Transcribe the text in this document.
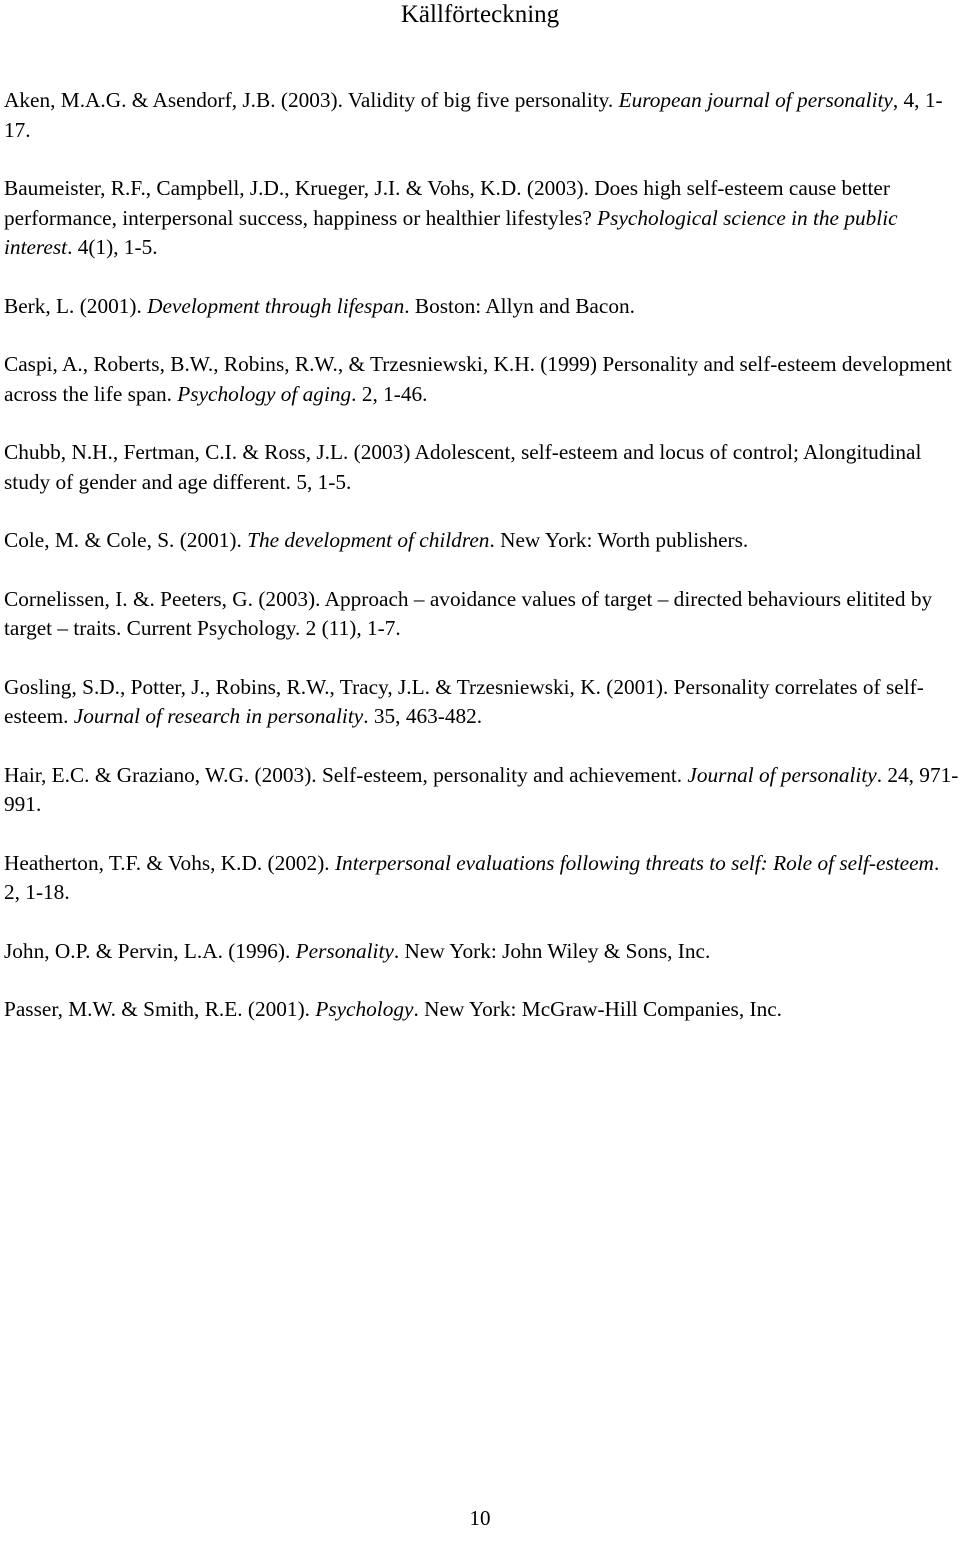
Källförteckning

Aken, M.A.G. & Asendorf, J.B. (2003). Validity of big five personality. European journal of personality, 4, 1-17.

Baumeister, R.F., Campbell, J.D., Krueger, J.I. & Vohs, K.D. (2003). Does high self-esteem cause better performance, interpersonal success, happiness or healthier lifestyles? Psychological science in the public interest. 4(1), 1-5.

Berk, L. (2001). Development through lifespan. Boston: Allyn and Bacon.

Caspi, A., Roberts, B.W., Robins, R.W., & Trzesniewski, K.H. (1999) Personality and self-esteem development across the life span. Psychology of aging. 2, 1-46.

Chubb, N.H., Fertman, C.I. & Ross, J.L. (2003) Adolescent, self-esteem and locus of control; Alongitudinal study of gender and age different. 5, 1-5.

Cole, M. & Cole, S. (2001). The development of children. New York: Worth publishers.

Cornelissen, I. &. Peeters, G. (2003). Approach – avoidance values of target – directed behaviours elitited by target – traits. Current Psychology. 2 (11), 1-7.

Gosling, S.D., Potter, J., Robins, R.W., Tracy, J.L. & Trzesniewski, K. (2001). Personality correlates of self-esteem. Journal of research in personality. 35, 463-482.

Hair, E.C. & Graziano, W.G. (2003). Self-esteem, personality and achievement. Journal of personality. 24, 971-991.

Heatherton, T.F. & Vohs, K.D. (2002). Interpersonal evaluations following threats to self: Role of self-esteem. 2, 1-18.

John, O.P. & Pervin, L.A. (1996). Personality. New York: John Wiley & Sons, Inc.

Passer, M.W. & Smith, R.E. (2001). Psychology. New York: McGraw-Hill Companies, Inc.

10
